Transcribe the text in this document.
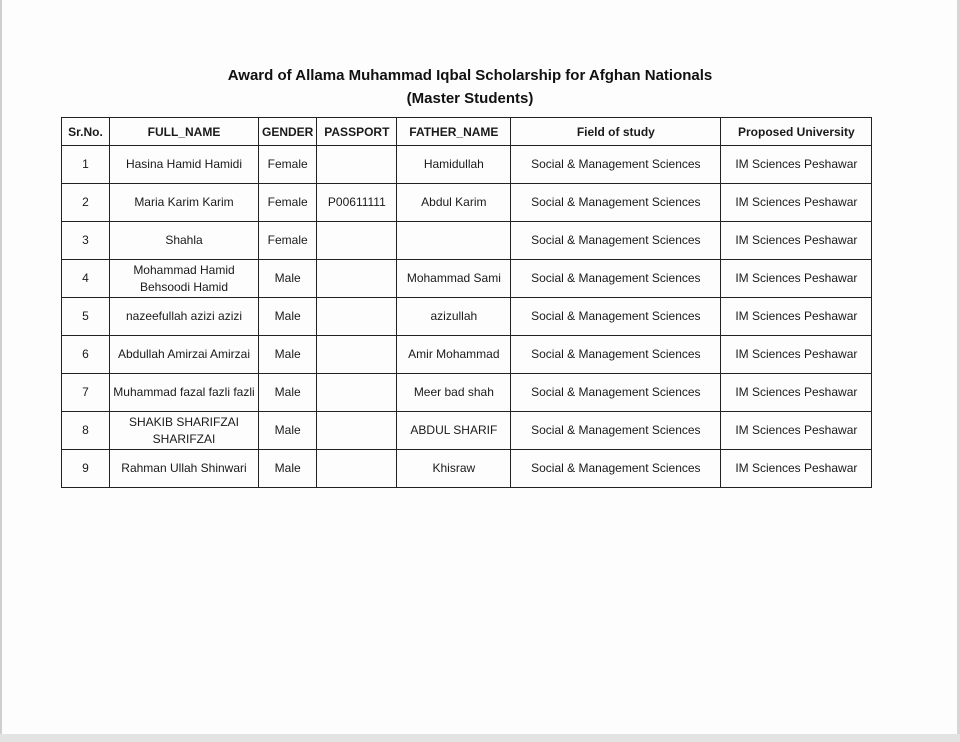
Award of Allama Muhammad Iqbal Scholarship for Afghan Nationals
(Master Students)
Sr.No.	FULL_NAME	GENDER	PASSPORT	FATHER_NAME	Field of study	Proposed University
1	Hasina Hamid Hamidi	Female		Hamidullah	Social & Management Sciences	IM Sciences Peshawar
2	Maria Karim Karim	Female	P00611111	Abdul Karim	Social & Management Sciences	IM Sciences Peshawar
3	Shahla	Female			Social & Management Sciences	IM Sciences Peshawar
4	Mohammad Hamid Behsoodi Hamid	Male		Mohammad Sami	Social & Management Sciences	IM Sciences Peshawar
5	nazeefullah azizi azizi	Male		azizullah	Social & Management Sciences	IM Sciences Peshawar
6	Abdullah Amirzai Amirzai	Male		Amir Mohammad	Social & Management Sciences	IM Sciences Peshawar
7	Muhammad fazal fazli fazli	Male		Meer bad shah	Social & Management Sciences	IM Sciences Peshawar
8	SHAKIB SHARIFZAI SHARIFZAI	Male		ABDUL SHARIF	Social & Management Sciences	IM Sciences Peshawar
9	Rahman Ullah Shinwari	Male		Khisraw	Social & Management Sciences	IM Sciences Peshawar
